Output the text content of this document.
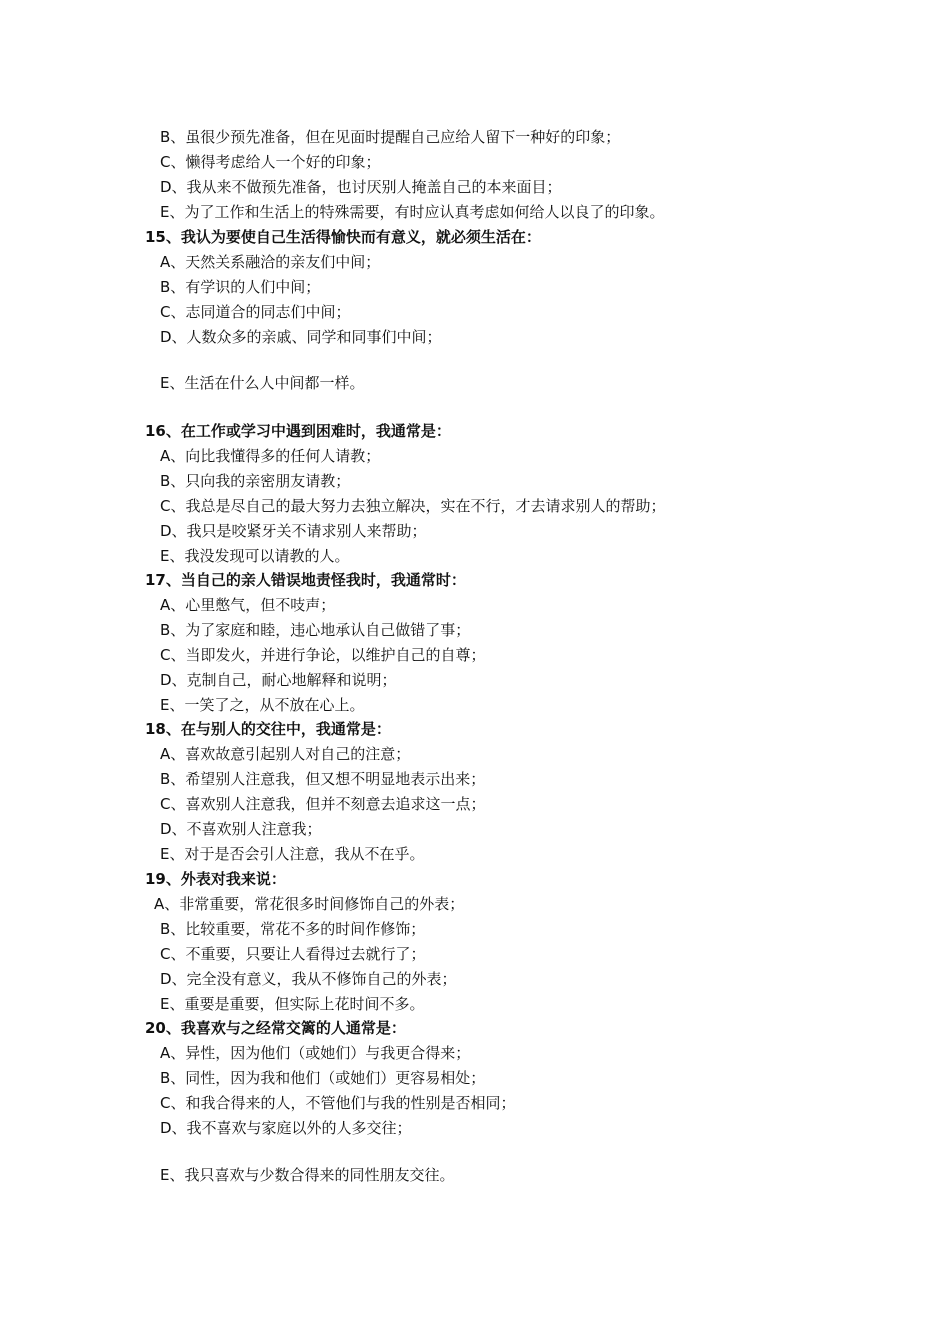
B、虽很少预先准备，但在见面时提醒自己应给人留下一种好的印象；
C、懒得考虑给人一个好的印象；
D、我从来不做预先准备，也讨厌别人掩盖自己的本来面目；
E、为了工作和生活上的特殊需要，有时应认真考虑如何给人以良了的印象。
15、我认为要使自己生活得愉快而有意义，就必须生活在：
A、天然关系融洽的亲友们中间；
B、有学识的人们中间；
C、志同道合的同志们中间；
D、人数众多的亲戚、同学和同事们中间；
E、生活在什么人中间都一样。
16、在工作或学习中遇到困难时，我通常是：
A、向比我懂得多的任何人请教；
B、只向我的亲密朋友请教；
C、我总是尽自己的最大努力去独立解决，实在不行，才去请求别人的帮助；
D、我只是咬紧牙关不请求别人来帮助；
E、我没发现可以请教的人。
17、当自己的亲人错误地责怪我时，我通常时：
A、心里憋气，但不吱声；
B、为了家庭和睦，违心地承认自己做错了事；
C、当即发火，并进行争论，以维护自己的自尊；
D、克制自己，耐心地解释和说明；
E、一笑了之，从不放在心上。
18、在与别人的交往中，我通常是：
A、喜欢故意引起别人对自己的注意；
B、希望别人注意我，但又想不明显地表示出来；
C、喜欢别人注意我，但并不刻意去追求这一点；
D、不喜欢别人注意我；
E、对于是否会引人注意，我从不在乎。
19、外表对我来说：
A、非常重要，常花很多时间修饰自己的外表；
B、比较重要，常花不多的时间作修饰；
C、不重要，只要让人看得过去就行了；
D、完全没有意义，我从不修饰自己的外表；
E、重要是重要，但实际上花时间不多。
20、我喜欢与之经常交篱的人通常是：
A、异性，因为他们（或她们）与我更合得来；
B、同性，因为我和他们（或她们）更容易相处；
C、和我合得来的人，不管他们与我的性别是否相同；
D、我不喜欢与家庭以外的人多交往；
E、我只喜欢与少数合得来的同性朋友交往。
